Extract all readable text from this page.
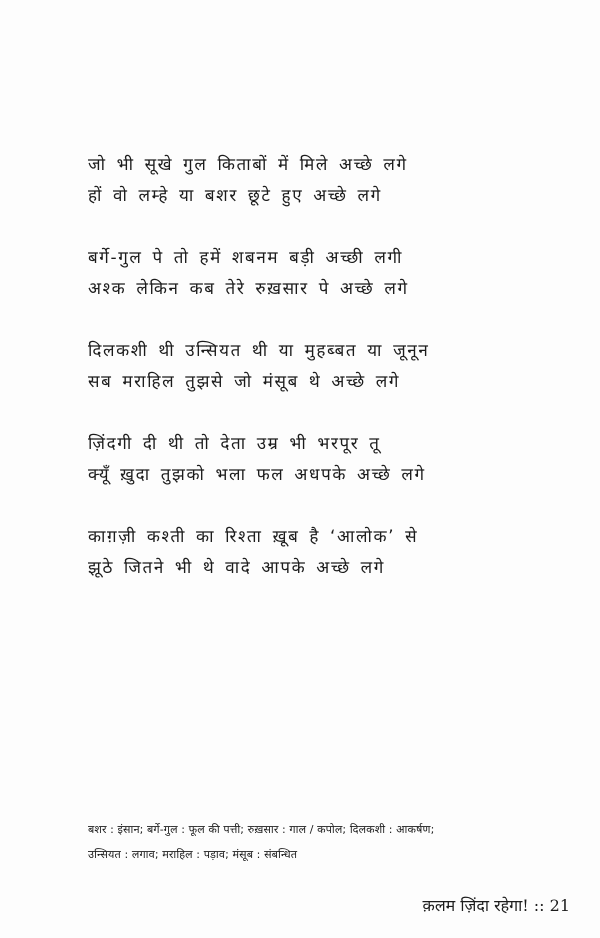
जो भी सूखे गुल किताबों में मिले अच्छे लगे
हों वो लम्हे या बशर छूटे हुए अच्छे लगे
बर्गे-गुल पे तो हमें शबनम बड़ी अच्छी लगी
अश्क लेकिन कब तेरे रुख़सार पे अच्छे लगे
दिलकशी थी उन्सियत थी या मुहब्बत या जूनून
सब मराहिल तुझसे जो मंसूब थे अच्छे लगे
ज़िंदगी दी थी तो देता उम्र भी भरपूर तू
क्यूँ ख़ुदा तुझको भला फल अधपके अच्छे लगे
काग़ज़ी कश्ती का रिश्ता ख़ूब है ‘आलोक’ से
झूठे जितने भी थे वादे आपके अच्छे लगे
बशर : इंसान; बर्गे-गुल : फूल की पत्ती; रुख़सार : गाल / कपोल; दिलकशी : आकर्षण;
उन्सियत : लगाव; मराहिल : पड़ाव; मंसूब : संबन्धित
क़लम ज़िंदा रहेगा! :: 21
